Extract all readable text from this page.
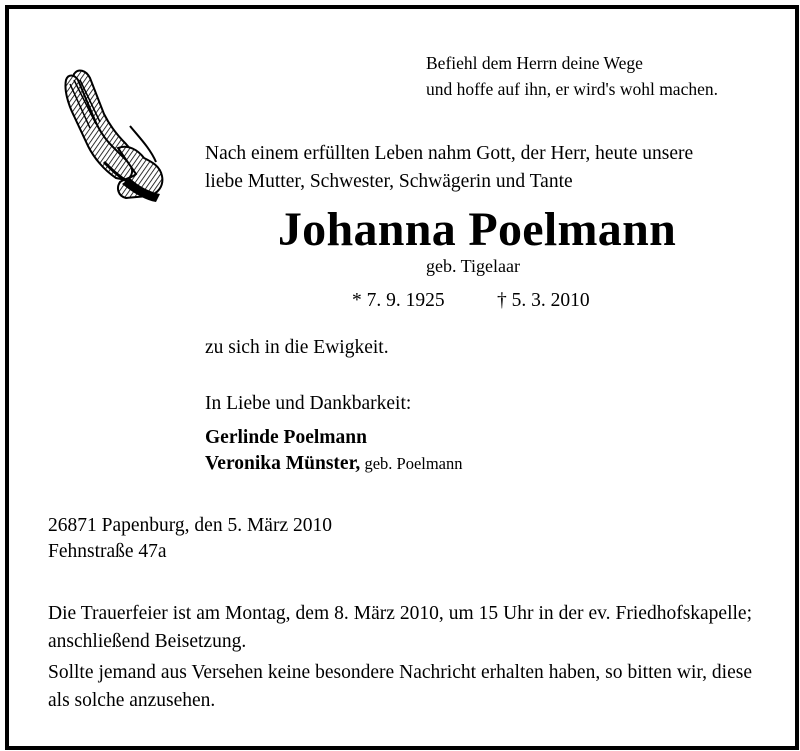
Befiehl dem Herrn deine Wege
und hoffe auf ihn, er wird's wohl machen.
Nach einem erfüllten Leben nahm Gott, der Herr, heute unsere
liebe Mutter, Schwester, Schwägerin und Tante
Johanna Poelmann
geb. Tigelaar
* 7. 9. 1925	† 5. 3. 2010
zu sich in die Ewigkeit.
In Liebe und Dankbarkeit:
Gerlinde Poelmann
Veronika Münster, geb. Poelmann
26871 Papenburg, den 5. März 2010
Fehnstraße 47a
Die Trauerfeier ist am Montag, dem 8. März 2010, um 15 Uhr in der ev. Friedhofskapelle; anschließend Beisetzung.
Sollte jemand aus Versehen keine besondere Nachricht erhalten haben, so bitten wir, diese als solche anzusehen.
